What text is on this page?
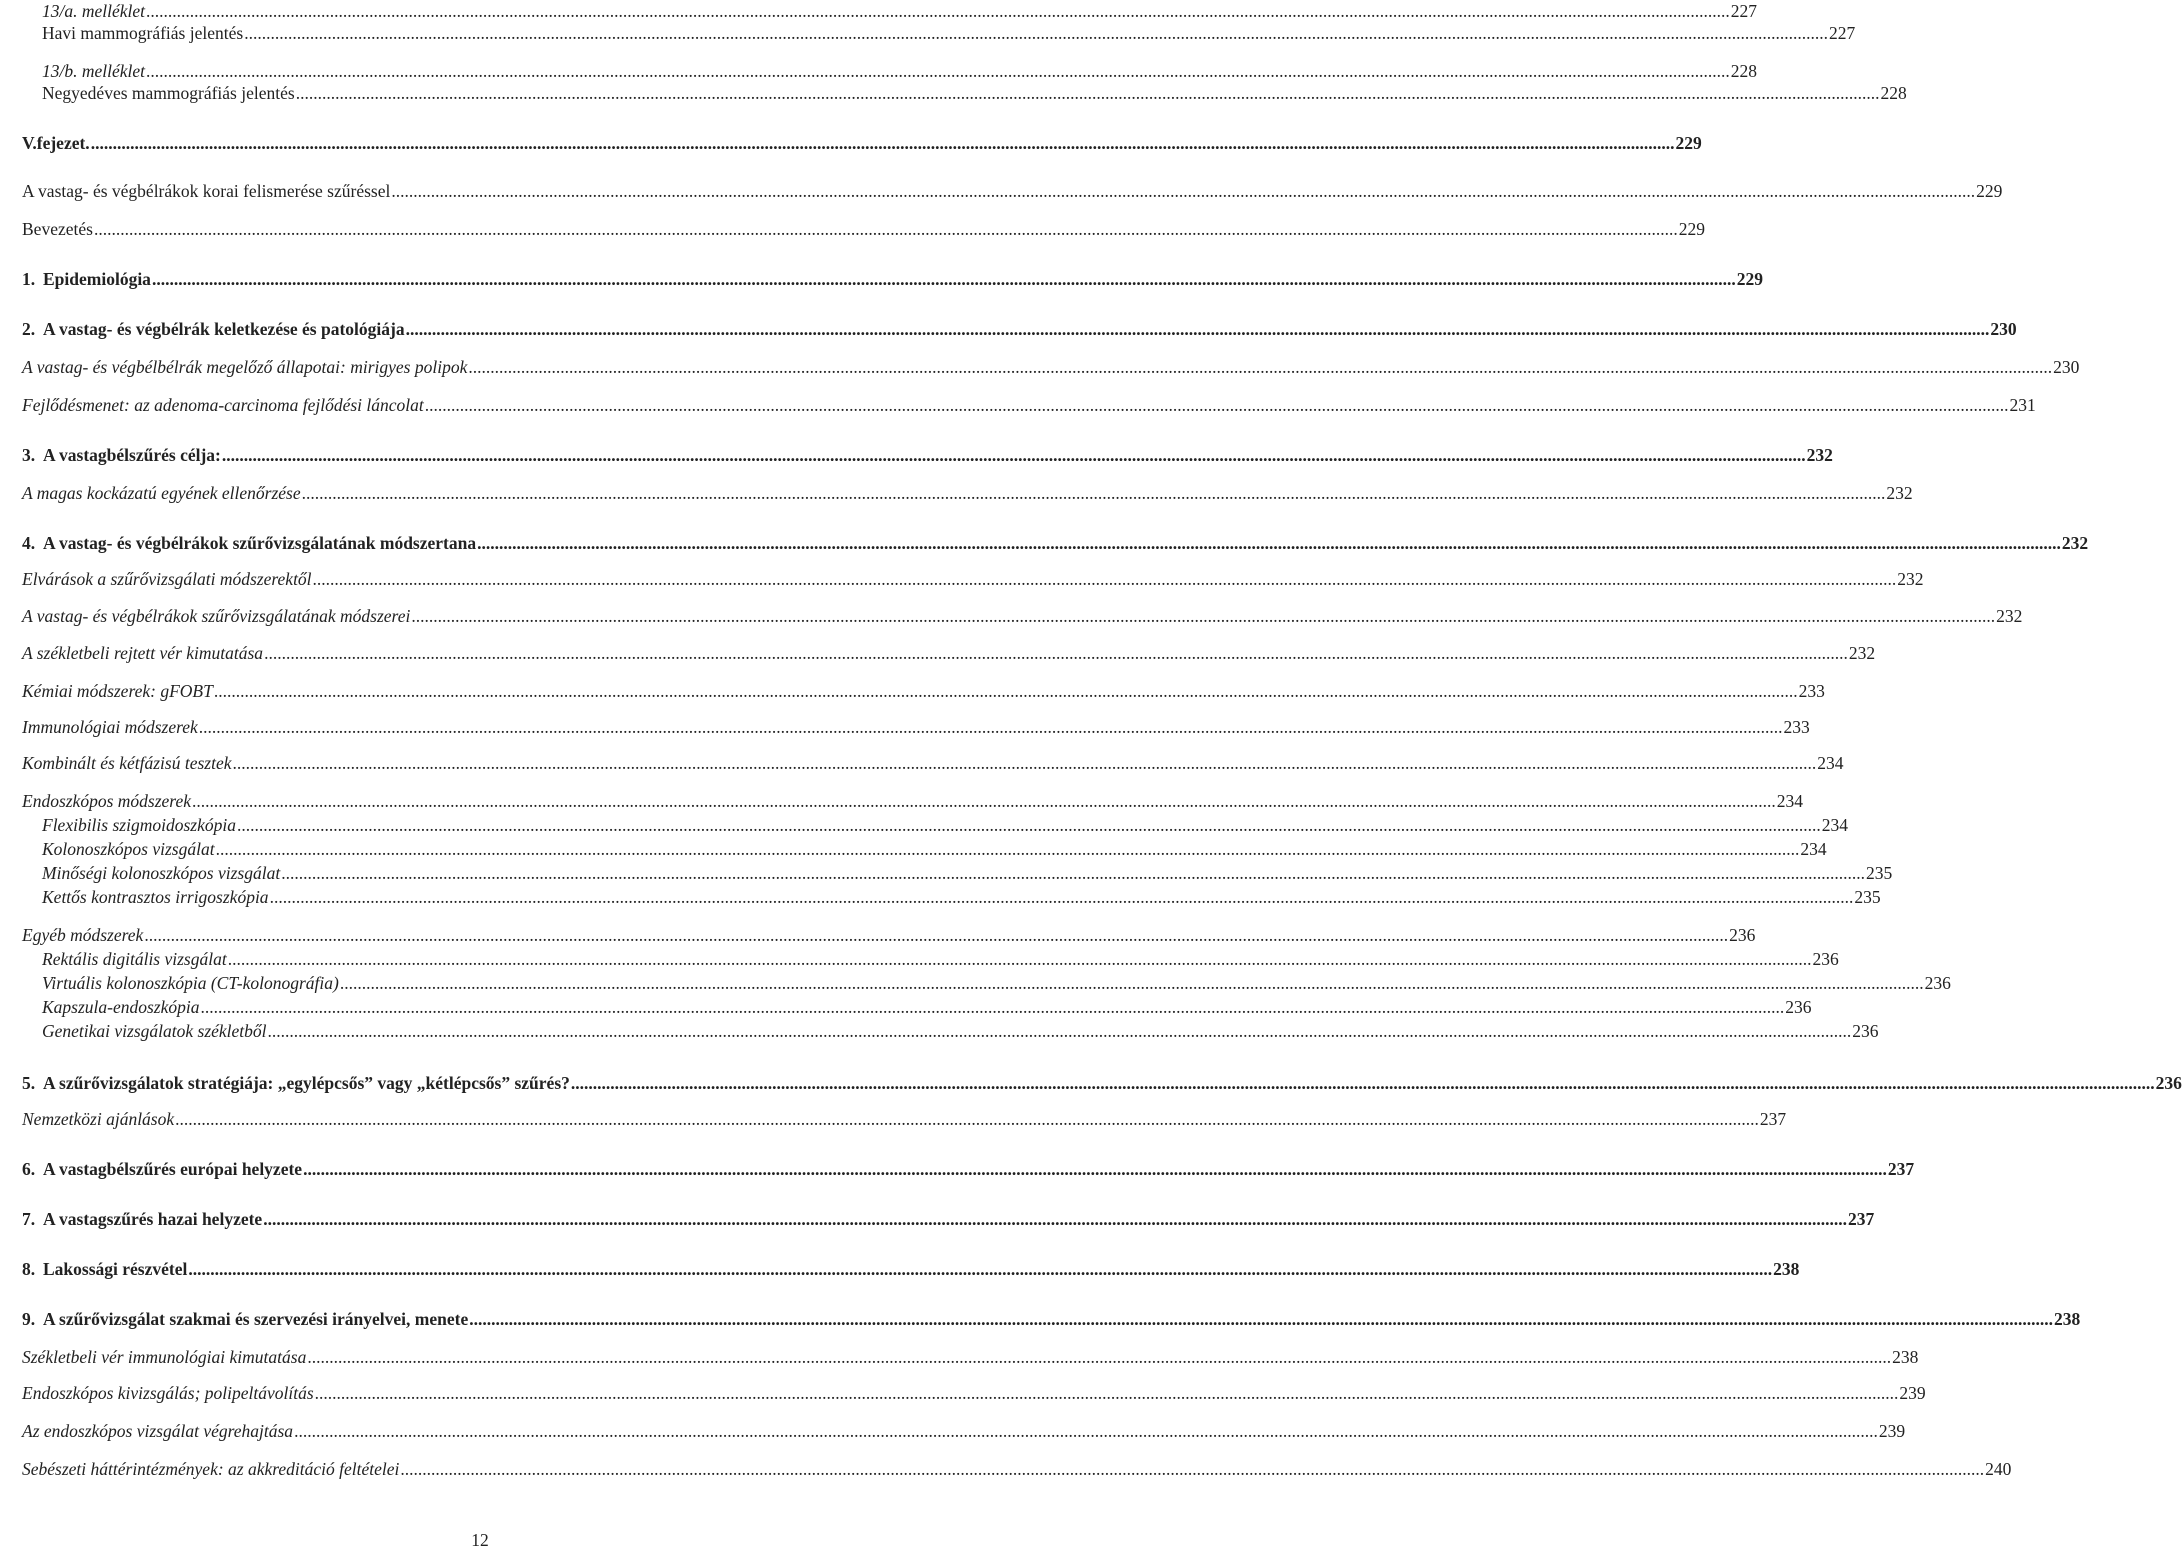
13/a. melléklet .....	227
Havi mammográfiás jelentés .....	227
13/b. melléklet .....	228
Negyedéves mammográfiás jelentés .....	228
V.fejezet. .....	229
A vastag- és végbélrákok korai felismerése szűréssel .....	229
Bevezetés .....	229
1. Epidemiológia .....	229
2. A vastag- és végbélrák keletkezése és patológiája .....	230
A vastag- és végbélbélrák megelőző állapotai: mirigyes polipok .....	230
Fejlődésmenet: az adenoma-carcinoma fejlődési láncolat .....	231
3. A vastagbélszűrés célja: .....	232
A magas kockázatú egyének ellenőrzése .....	232
4. A vastag- és végbélrákok szűrővizsgálatának módszertana .....	232
Elvárások a szűrővizsgálati módszerektől .....	232
A vastag- és végbélrákok szűrővizsgálatának módszerei .....	232
A székletbeli rejtett vér kimutatása .....	232
Kémiai módszerek: gFOBT .....	233
Immunológiai módszerek .....	233
Kombinált és kétfázisú tesztek .....	234
Endoszkópos módszerek .....	234
Flexibilis szigmoidoszkópia .....	234
Kolonoszkópos vizsgálat .....	234
Minőségi kolonoszkópos vizsgálat .....	235
Kettős kontrasztos irrigoszkópia .....	235
Egyéb módszerek .....	236
Rektális digitális vizsgálat .....	236
Virtuális kolonoszkópia (CT-kolonográfia) .....	236
Kapszula-endoszkópia .....	236
Genetikai vizsgálatok székletből .....	236
5. A szűrővizsgálatok stratégiája: „egylépcsős” vagy „kétlépcsős” szűrés? .....	236
Nemzetközi ajánlások .....	237
6. A vastagbélszűrés európai helyzete .....	237
7. A vastagszűrés hazai helyzete .....	237
8. Lakossági részvétel .....	238
9. A szűrővizsgálat szakmai és szervezési irányelvei, menete .....	238
Székletbeli vér immunológiai kimutatása .....	238
Endoszkópos kivizsgálás; polipeltávolítás .....	239
Az endoszkópos vizsgálat végrehajtása .....	239
Sebészeti háttérintézmények: az akkreditáció feltételei .....	240
12
